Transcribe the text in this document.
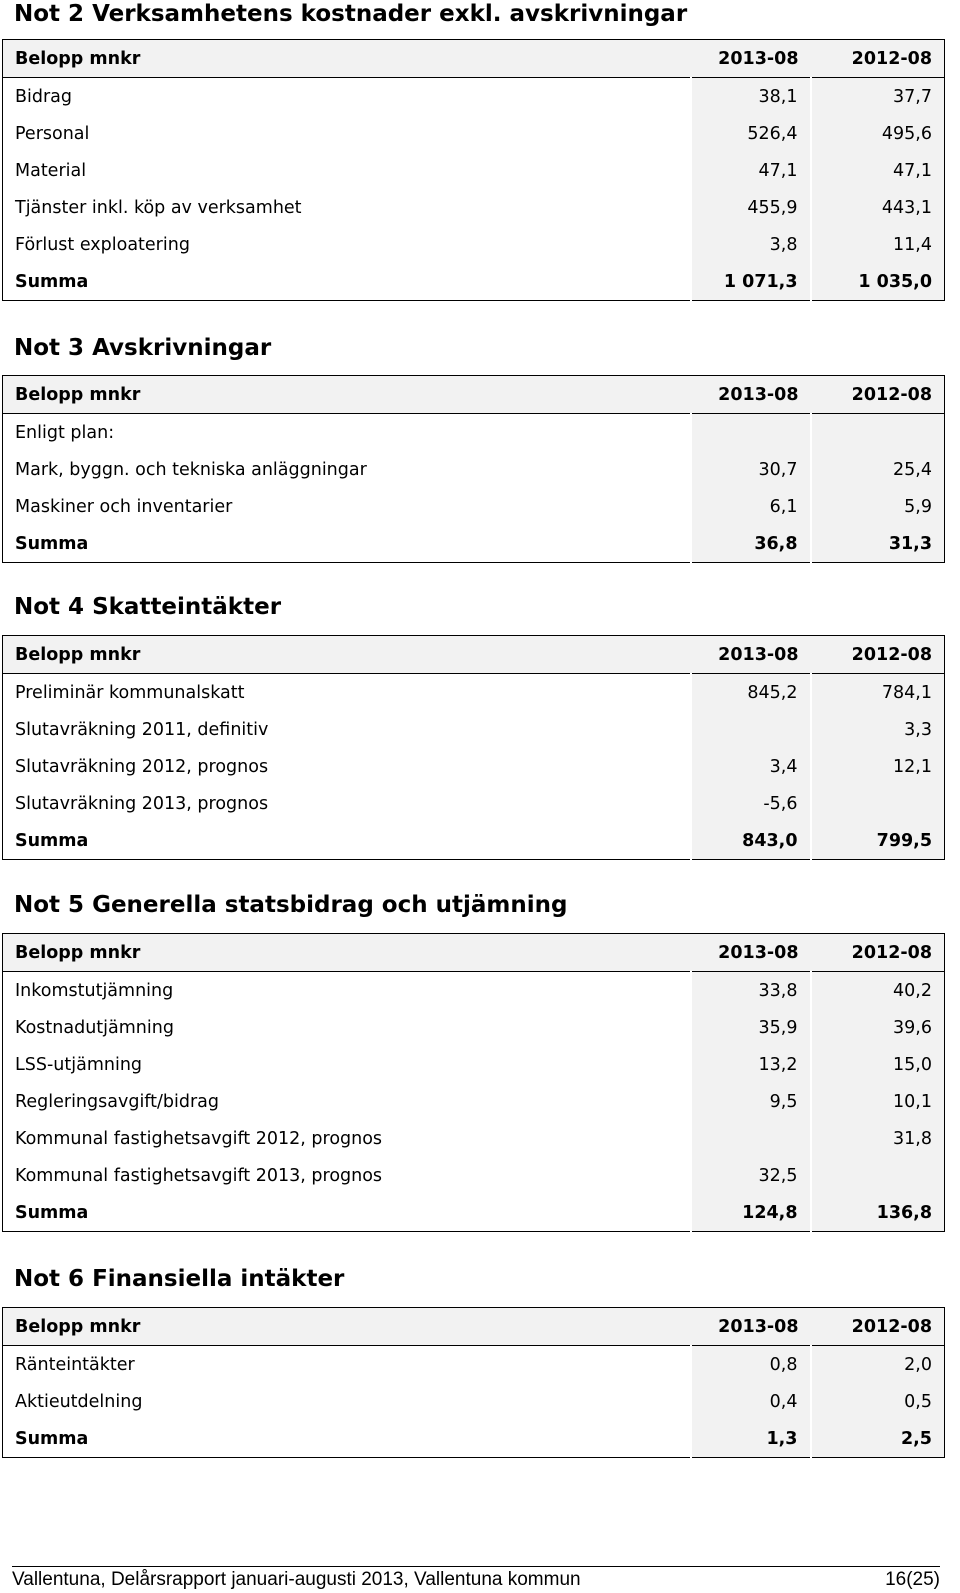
Not 2 Verksamhetens kostnader exkl. avskrivningar
Belopp mnkr	2013-08	2012-08
Bidrag	38,1	37,7
Personal	526,4	495,6
Material	47,1	47,1
Tjänster inkl. köp av verksamhet	455,9	443,1
Förlust exploatering	3,8	11,4
Summa	1 071,3	1 035,0
Not 3 Avskrivningar
Belopp mnkr	2013-08	2012-08
Enligt plan:		
Mark, byggn. och tekniska anläggningar	30,7	25,4
Maskiner och inventarier	6,1	5,9
Summa	36,8	31,3
Not 4 Skatteintäkter
Belopp mnkr	2013-08	2012-08
Preliminär kommunalskatt	845,2	784,1
Slutavräkning 2011, definitiv		3,3
Slutavräkning 2012, prognos	3,4	12,1
Slutavräkning 2013, prognos	-5,6	
Summa	843,0	799,5
Not 5 Generella statsbidrag och utjämning
Belopp mnkr	2013-08	2012-08
Inkomstutjämning	33,8	40,2
Kostnadutjämning	35,9	39,6
LSS-utjämning	13,2	15,0
Regleringsavgift/bidrag	9,5	10,1
Kommunal fastighetsavgift 2012, prognos		31,8
Kommunal fastighetsavgift 2013, prognos	32,5	
Summa	124,8	136,8
Not 6 Finansiella intäkter
Belopp mnkr	2013-08	2012-08
Ränteintäkter	0,8	2,0
Aktieutdelning	0,4	0,5
Summa	1,3	2,5
Vallentuna, Delårsrapport januari-augusti 2013, Vallentuna kommun	16(25)
